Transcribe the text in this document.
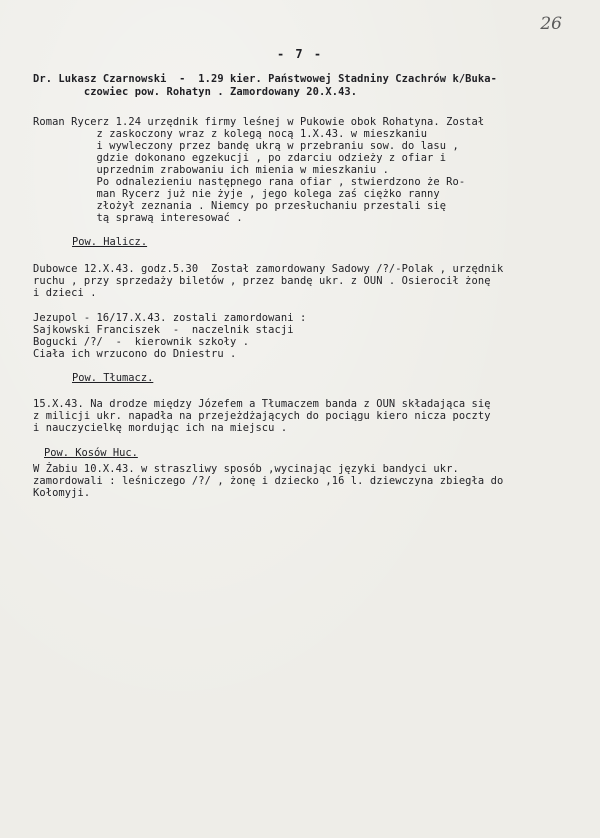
26
- 7 -
Dr. Lukasz Czarnowski  -  1.29 kier. Państwowej Stadniny Czachrów k/Buka-
czowiec pow. Rohatyn . Zamordowany 20.X.43.
Roman Rycerz 1.24 urzędnik firmy leśnej w Pukowie obok Rohatyna. Został
z zaskoczony wraz z kolegą nocą 1.X.43. w mieszkaniu
i wywleczony przez bandę ukrą w przebraniu sow. do lasu ,
gdzie dokonano egzekucji , po zdarciu odzieży z ofiar i
uprzednim zrabowaniu ich mienia w mieszkaniu .
Po odnalezieniu następnego rana ofiar , stwierdzono że Ro-
man Rycerz już nie żyje , jego kolega zaś ciężko ranny
złożył zeznania . Niemcy po przesłuchaniu przestali się
tą sprawą interesować .
Pow. Halicz.
Dubowce 12.X.43. godz.5.30  Został zamordowany Sadowy /?/-Polak , urzędnik
ruchu , przy sprzedaży biletów , przez bandę ukr. z OUN . Osierocił żonę
i dzieci .
Jezupol - 16/17.X.43. zostali zamordowani :
Sajkowski Franciszek  -  naczelnik stacji
Bogucki /?/  -  kierownik szkoły .
Ciała ich wrzucono do Dniestru .
Pow. Tłumacz.
15.X.43. Na drodze między Józefem a Tłumaczem banda z OUN składająca się
z milicji ukr. napadła na przejeżdżających do pociągu kiero nicza poczty
i nauczycielkę mordując ich na miejscu .
Pow. Kosów Huc.
W Żabiu 10.X.43. w straszliwy sposób ,wycinając języki bandyci ukr.
zamordowali : leśniczego /?/ , żonę i dziecko ,16 l. dziewczyna zbiegła do
Kołomyji.
